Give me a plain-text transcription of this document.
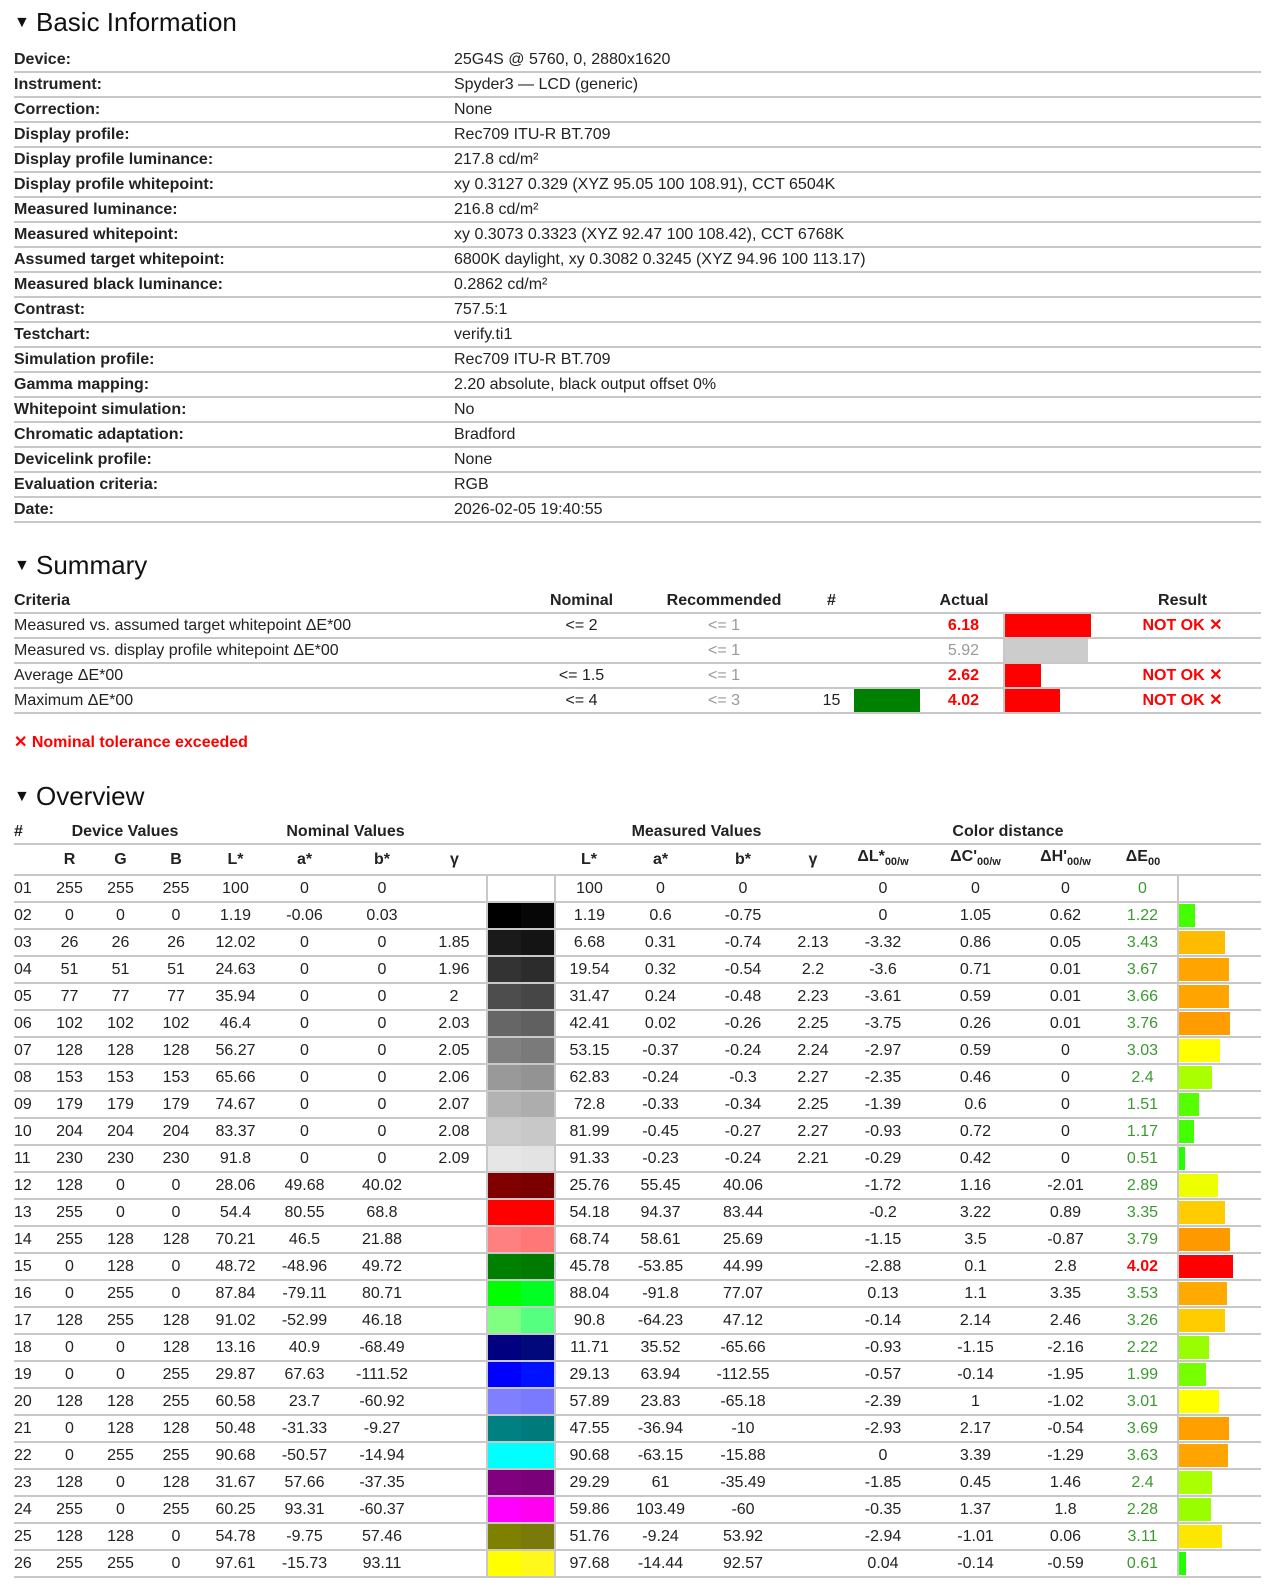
▼ Basic Information
Device:	25G4S @ 5760, 0, 2880x1620
Instrument:	Spyder3 — LCD (generic)
Correction:	None
Display profile:	Rec709 ITU-R BT.709
Display profile luminance:	217.8 cd/m²
Display profile whitepoint:	xy 0.3127 0.329 (XYZ 95.05 100 108.91), CCT 6504K
Measured luminance:	216.8 cd/m²
Measured whitepoint:	xy 0.3073 0.3323 (XYZ 92.47 100 108.42), CCT 6768K
Assumed target whitepoint:	6800K daylight, xy 0.3082 0.3245 (XYZ 94.96 100 113.17)
Measured black luminance:	0.2862 cd/m²
Contrast:	757.5:1
Testchart:	verify.ti1
Simulation profile:	Rec709 ITU-R BT.709
Gamma mapping:	2.20 absolute, black output offset 0%
Whitepoint simulation:	No
Chromatic adaptation:	Bradford
Devicelink profile:	None
Evaluation criteria:	RGB
Date:	2026-02-05 19:40:55
▼ Summary
Criteria	Nominal	Recommended	#		Actual		Result
Measured vs. assumed target whitepoint ΔE*00	<= 2	<= 1			6.18		NOT OK ✕
Measured vs. display profile whitepoint ΔE*00		<= 1			5.92	

Average ΔE*00	<= 1.5	<= 1			2.62		NOT OK ✕
Maximum ΔE*00	<= 4	<= 3	15		4.02		NOT OK ✕
✕ Nominal tolerance exceeded
▼ Overview
#	Device Values			Nominal Values					Measured Values				Color distance				
	R	G	B	L*	a*	b*	γ		L*	a*	b*	γ	$\Delta L*_{00/w}$	$\Delta C'_{00/w}$	$\Delta H'_{00/w}$	$\Delta E_{00}$	
01	255	255	255	100	0	0			100	0	0		0	0	0	0	
02	0	0	0	1.19	-0.06	0.03			1.19	0.6	-0.75		0	1.05	0.62	1.22	

03	26	26	26	12.02	0	0	1.85		6.68	0.31	-0.74	2.13	-3.32	0.86	0.05	3.43	

04	51	51	51	24.63	0	0	1.96		19.54	0.32	-0.54	2.2	-3.6	0.71	0.01	3.67	

05	77	77	77	35.94	0	0	2		31.47	0.24	-0.48	2.23	-3.61	0.59	0.01	3.66	

06	102	102	102	46.4	0	0	2.03		42.41	0.02	-0.26	2.25	-3.75	0.26	0.01	3.76	

07	128	128	128	56.27	0	0	2.05		53.15	-0.37	-0.24	2.24	-2.97	0.59	0	3.03	

08	153	153	153	65.66	0	0	2.06		62.83	-0.24	-0.3	2.27	-2.35	0.46	0	2.4	

09	179	179	179	74.67	0	0	2.07		72.8	-0.33	-0.34	2.25	-1.39	0.6	0	1.51	

10	204	204	204	83.37	0	0	2.08		81.99	-0.45	-0.27	2.27	-0.93	0.72	0	1.17	

11	230	230	230	91.8	0	0	2.09		91.33	-0.23	-0.24	2.21	-0.29	0.42	0	0.51	

12	128	0	0	28.06	49.68	40.02			25.76	55.45	40.06		-1.72	1.16	-2.01	2.89	

13	255	0	0	54.4	80.55	68.8			54.18	94.37	83.44		-0.2	3.22	0.89	3.35	

14	255	128	128	70.21	46.5	21.88			68.74	58.61	25.69		-1.15	3.5	-0.87	3.79	

15	0	128	0	48.72	-48.96	49.72			45.78	-53.85	44.99		-2.88	0.1	2.8	4.02	

16	0	255	0	87.84	-79.11	80.71			88.04	-91.8	77.07		0.13	1.1	3.35	3.53	

17	128	255	128	91.02	-52.99	46.18			90.8	-64.23	47.12		-0.14	2.14	2.46	3.26	

18	0	0	128	13.16	40.9	-68.49			11.71	35.52	-65.66		-0.93	-1.15	-2.16	2.22	

19	0	0	255	29.87	67.63	-111.52			29.13	63.94	-112.55		-0.57	-0.14	-1.95	1.99	

20	128	128	255	60.58	23.7	-60.92			57.89	23.83	-65.18		-2.39	1	-1.02	3.01	

21	0	128	128	50.48	-31.33	-9.27			47.55	-36.94	-10		-2.93	2.17	-0.54	3.69	

22	0	255	255	90.68	-50.57	-14.94			90.68	-63.15	-15.88		0	3.39	-1.29	3.63	

23	128	0	128	31.67	57.66	-37.35			29.29	61	-35.49		-1.85	0.45	1.46	2.4	

24	255	0	255	60.25	93.31	-60.37			59.86	103.49	-60		-0.35	1.37	1.8	2.28	

25	128	128	0	54.78	-9.75	57.46			51.76	-9.24	53.92		-2.94	-1.01	0.06	3.11	

26	255	255	0	97.61	-15.73	93.11			97.68	-14.44	92.57		0.04	-0.14	-0.59	0.61	
